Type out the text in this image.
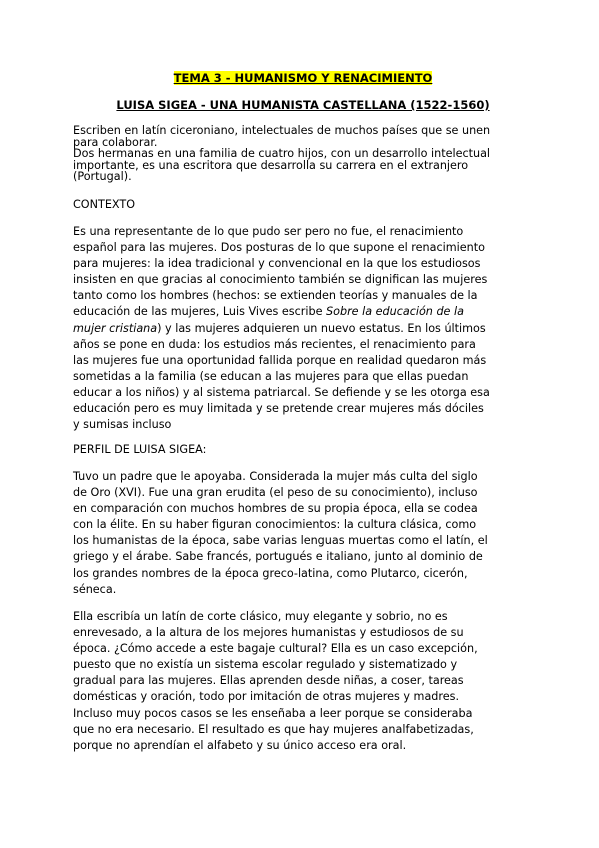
TEMA 3 - HUMANISMO Y RENACIMIENTO
LUISA SIGEA - UNA HUMANISTA CASTELLANA (1522-1560)
Escriben en latín ciceroniano, intelectuales de muchos países que se unen
para colaborar.
Dos hermanas en una familia de cuatro hijos, con un desarrollo intelectual
importante, es una escritora que desarrolla su carrera en el extranjero
(Portugal).
CONTEXTO
Es una representante de lo que pudo ser pero no fue, el renacimiento
español para las mujeres. Dos posturas de lo que supone el renacimiento
para mujeres: la idea tradicional y convencional en la que los estudiosos
insisten en que gracias al conocimiento también se dignifican las mujeres
tanto como los hombres (hechos: se extienden teorías y manuales de la
educación de las mujeres, Luis Vives escribe Sobre la educación de la
mujer cristiana) y las mujeres adquieren un nuevo estatus. En los últimos
años se pone en duda: los estudios más recientes, el renacimiento para
las mujeres fue una oportunidad fallida porque en realidad quedaron más
sometidas a la familia (se educan a las mujeres para que ellas puedan
educar a los niños) y al sistema patriarcal. Se defiende y se les otorga esa
educación pero es muy limitada y se pretende crear mujeres más dóciles
y sumisas incluso
PERFIL DE LUISA SIGEA:
Tuvo un padre que le apoyaba. Considerada la mujer más culta del siglo
de Oro (XVI). Fue una gran erudita (el peso de su conocimiento), incluso
en comparación con muchos hombres de su propia época, ella se codea
con la élite. En su haber figuran conocimientos: la cultura clásica, como
los humanistas de la época, sabe varias lenguas muertas como el latín, el
griego y el árabe. Sabe francés, portugués e italiano, junto al dominio de
los grandes nombres de la época greco-latina, como Plutarco, cicerón,
séneca.
Ella escribía un latín de corte clásico, muy elegante y sobrio, no es
enrevesado, a la altura de los mejores humanistas y estudiosos de su
época. ¿Cómo accede a este bagaje cultural? Ella es un caso excepción,
puesto que no existía un sistema escolar regulado y sistematizado y
gradual para las mujeres. Ellas aprenden desde niñas, a coser, tareas
domésticas y oración, todo por imitación de otras mujeres y madres.
Incluso muy pocos casos se les enseñaba a leer porque se consideraba
que no era necesario. El resultado es que hay mujeres analfabetizadas,
porque no aprendían el alfabeto y su único acceso era oral.
